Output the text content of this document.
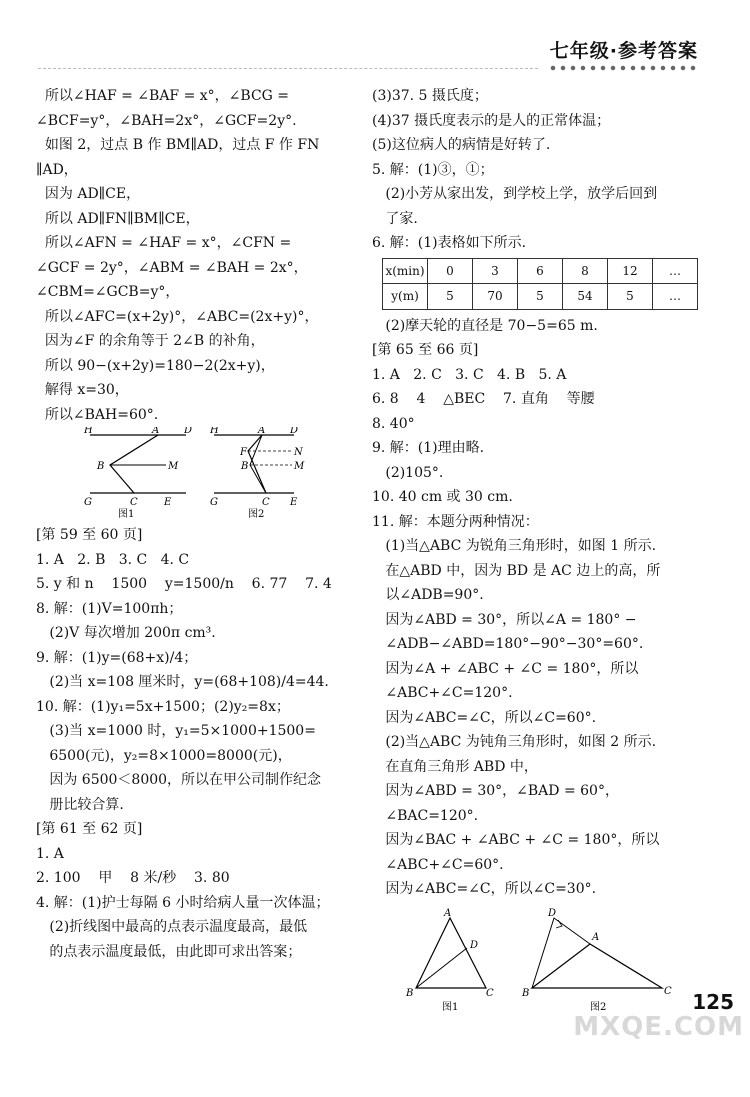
七年级·参考答案
所以∠HAF = ∠BAF = x°，∠BCG =
∠BCF=y°，∠BAH=2x°，∠GCF=2y°.
如图 2，过点 B 作 BM∥AD，过点 F 作 FN
∥AD，
因为 AD∥CE，
所以 AD∥FN∥BM∥CE，
所以∠AFN = ∠HAF = x°，∠CFN =
∠GCF = 2y°，∠ABM = ∠BAH = 2x°，
∠CBM=∠GCB=y°，
所以∠AFC=(x+2y)°，∠ABC=(2x+y)°，
因为∠F 的余角等于 2∠B 的补角，
所以 90−(x+2y)=180−2(2x+y)，
解得 x=30，
所以∠BAH=60°.
H	A D
B	M
G	C	E
图1
H	A D
F	N
B	M
G	C E
图2
[第 59 至 60 页]
1. A   2. B   3. C   4. C
5. y 和 n    1500    y=1500/n    6. 77    7. 4
8. 解：(1)V=100πh；
(2)V 每次增加 200π cm³.
9. 解：(1)y=(68+x)/4；
(2)当 x=108 厘米时，y=(68+108)/4=44.
10. 解：(1)y₁=5x+1500；(2)y₂=8x；
(3)当 x=1000 时，y₁=5×1000+1500=
6500(元)，y₂=8×1000=8000(元)，
因为 6500＜8000，所以在甲公司制作纪念
册比较合算.
[第 61 至 62 页]
1. A
2. 100    甲    8 米/秒    3. 80
4. 解：(1)护士每隔 6 小时给病人量一次体温；
(2)折线图中最高的点表示温度最高，最低
的点表示温度最低，由此即可求出答案；
(3)37. 5 摄氏度；
(4)37 摄氏度表示的是人的正常体温；
(5)这位病人的病情是好转了.
5. 解：(1)③，①；
(2)小芳从家出发，到学校上学，放学后回到
了家.
6. 解：(1)表格如下所示.
x(min)	0	3	6	8	12	…
y(m)	5	70	5	54	5	…
(2)摩天轮的直径是 70−5=65 m.
[第 65 至 66 页]
1. A   2. C   3. C   4. B   5. A
6. 8    4    △BEC    7. 直角    等腰
8. 40°
9. 解：(1)理由略.
(2)105°.
10. 40 cm 或 30 cm.
11. 解：本题分两种情况：
(1)当△ABC 为锐角三角形时，如图 1 所示.
在△ABD 中，因为 BD 是 AC 边上的高，所
以∠ADB=90°.
因为∠ABD = 30°，所以∠A = 180° −
∠ADB−∠ABD=180°−90°−30°=60°.
因为∠A + ∠ABC + ∠C = 180°，所以
∠ABC+∠C=120°.
因为∠ABC=∠C，所以∠C=60°.
(2)当△ABC 为钝角三角形时，如图 2 所示.
在直角三角形 ABD 中，
因为∠ABD = 30°，∠BAD = 60°，
∠BAC=120°.
因为∠BAC + ∠ABC + ∠C = 180°，所以
∠ABC+∠C=60°.
因为∠ABC=∠C，所以∠C=30°.
A
D
B	C
图1
D
A
B	C
图2	125
MXQE.COM
